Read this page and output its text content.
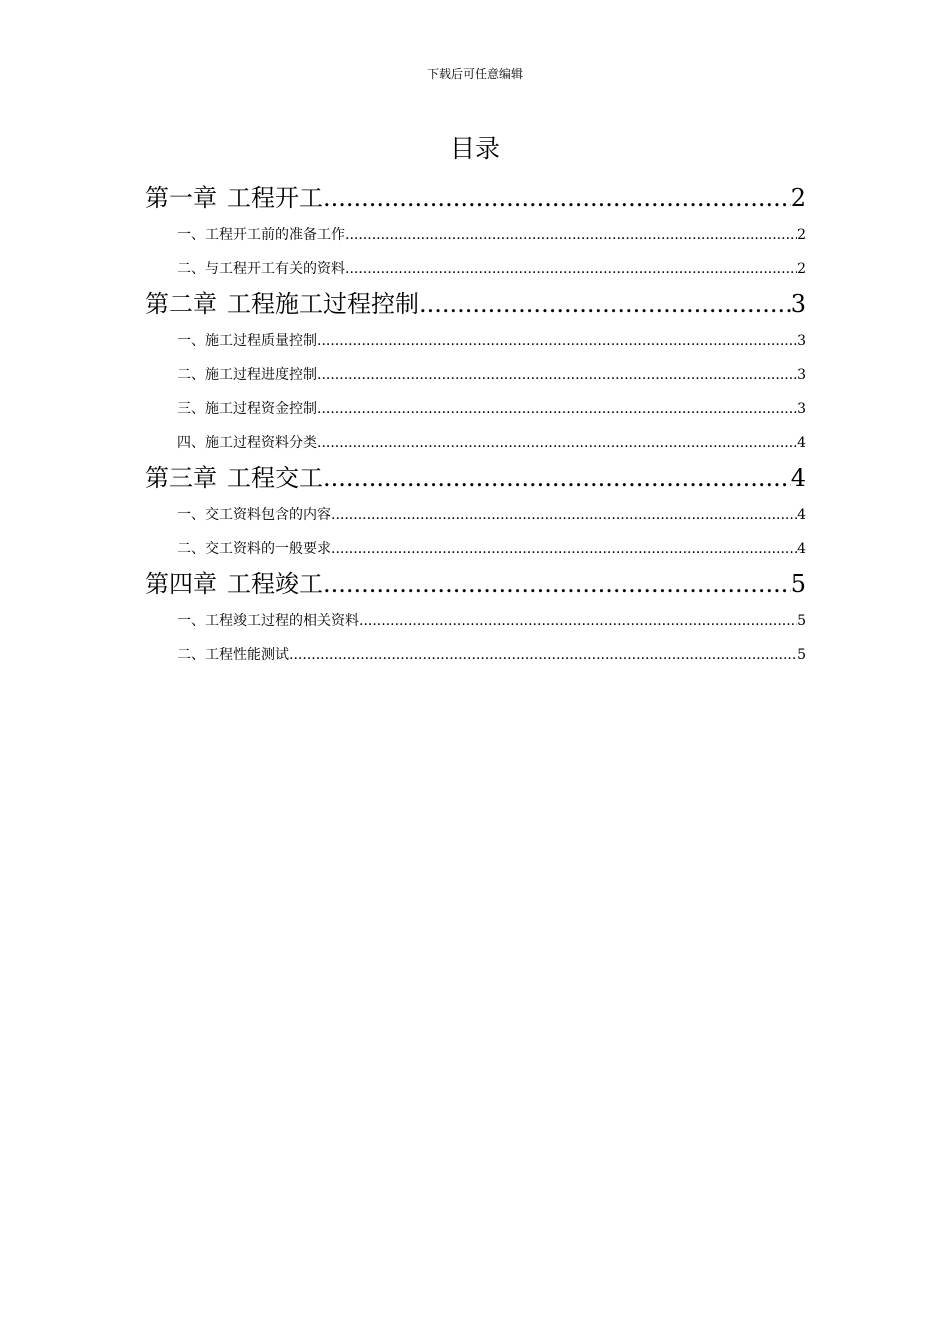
下载后可任意编辑
目录
第一章 工程开工 .....	2
一、 工程开工前的准备工作 .....	2
二、 与工程开工有关的资料 .....	2
第二章 工程施工过程控制 .....	3
一、 施工过程质量控制 .....	3
二、 施工过程进度控制 .....	3
三、 施工过程资金控制 .....	3
四、 施工过程资料分类 .....	4
第三章 工程交工 .....	4
一、 交工资料包含的内容 .....	4
二、 交工资料的一般要求 .....	4
第四章 工程竣工 .....	5
一、 工程竣工过程的相关资料 .....	5
二、 工程性能测试 .....	5
